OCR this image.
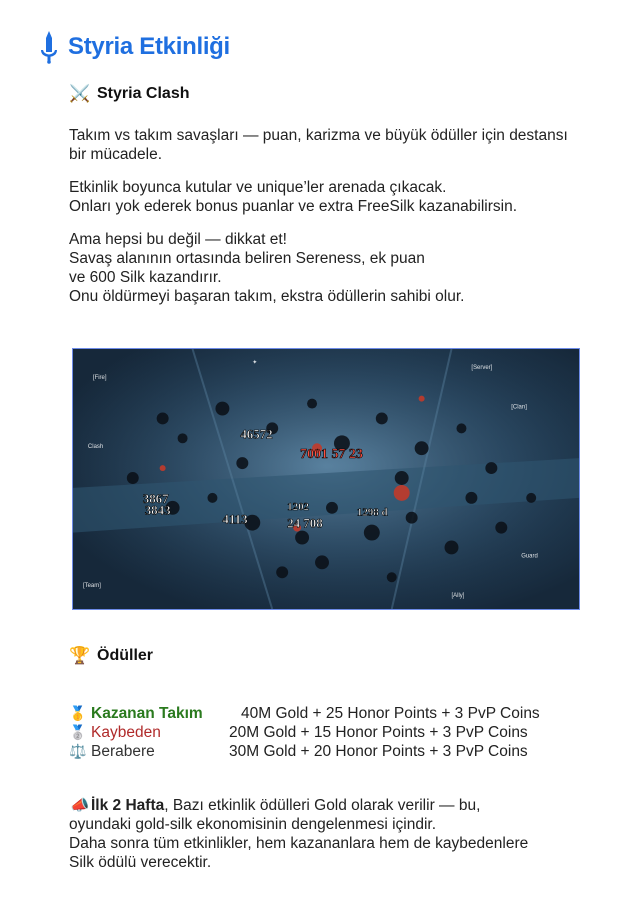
Styria Etkinliği
⚔️ Styria Clash

Takım vs takım savaşları — puan, karizma ve büyük ödüller için destansı bir mücadele.

Etkinlik boyunca kutular ve unique’ler arenada çıkacak.

Onları yok ederek bonus puanlar ve extra FreeSilk kazanabilirsin.

Ama hepsi bu değil — dikkat et!

Savaş alanının ortasında beliren Sereness, ek puan

ve 600 Silk kazandırır.

Onu öldürmeyi başaran takım, ekstra ödüllerin sahibi olur.

[Fire]
✦
[Server]
[Clan]
Clash
Guard
[Team]
[Ally]
46572
7001 57 23
3867
3843
4113	24 708
1202	1298 d
🏆 Ödüller
🥇 Kazanan Takım 40M Gold + 25 Honor Points + 3 PvP Coins
🥈 Kaybeden	20M Gold + 15 Honor Points + 3 PvP Coins
⚖️ Berabere	30M Gold + 20 Honor Points + 3 PvP Coins

📣 İlk 2 Hafta, Bazı etkinlik ödülleri Gold olarak verilir — bu,

oyundaki gold-silk ekonomisinin dengelenmesi içindir.

Daha sonra tüm etkinlikler, hem kazananlara hem de kaybedenlere

Silk ödülü verecektir.
